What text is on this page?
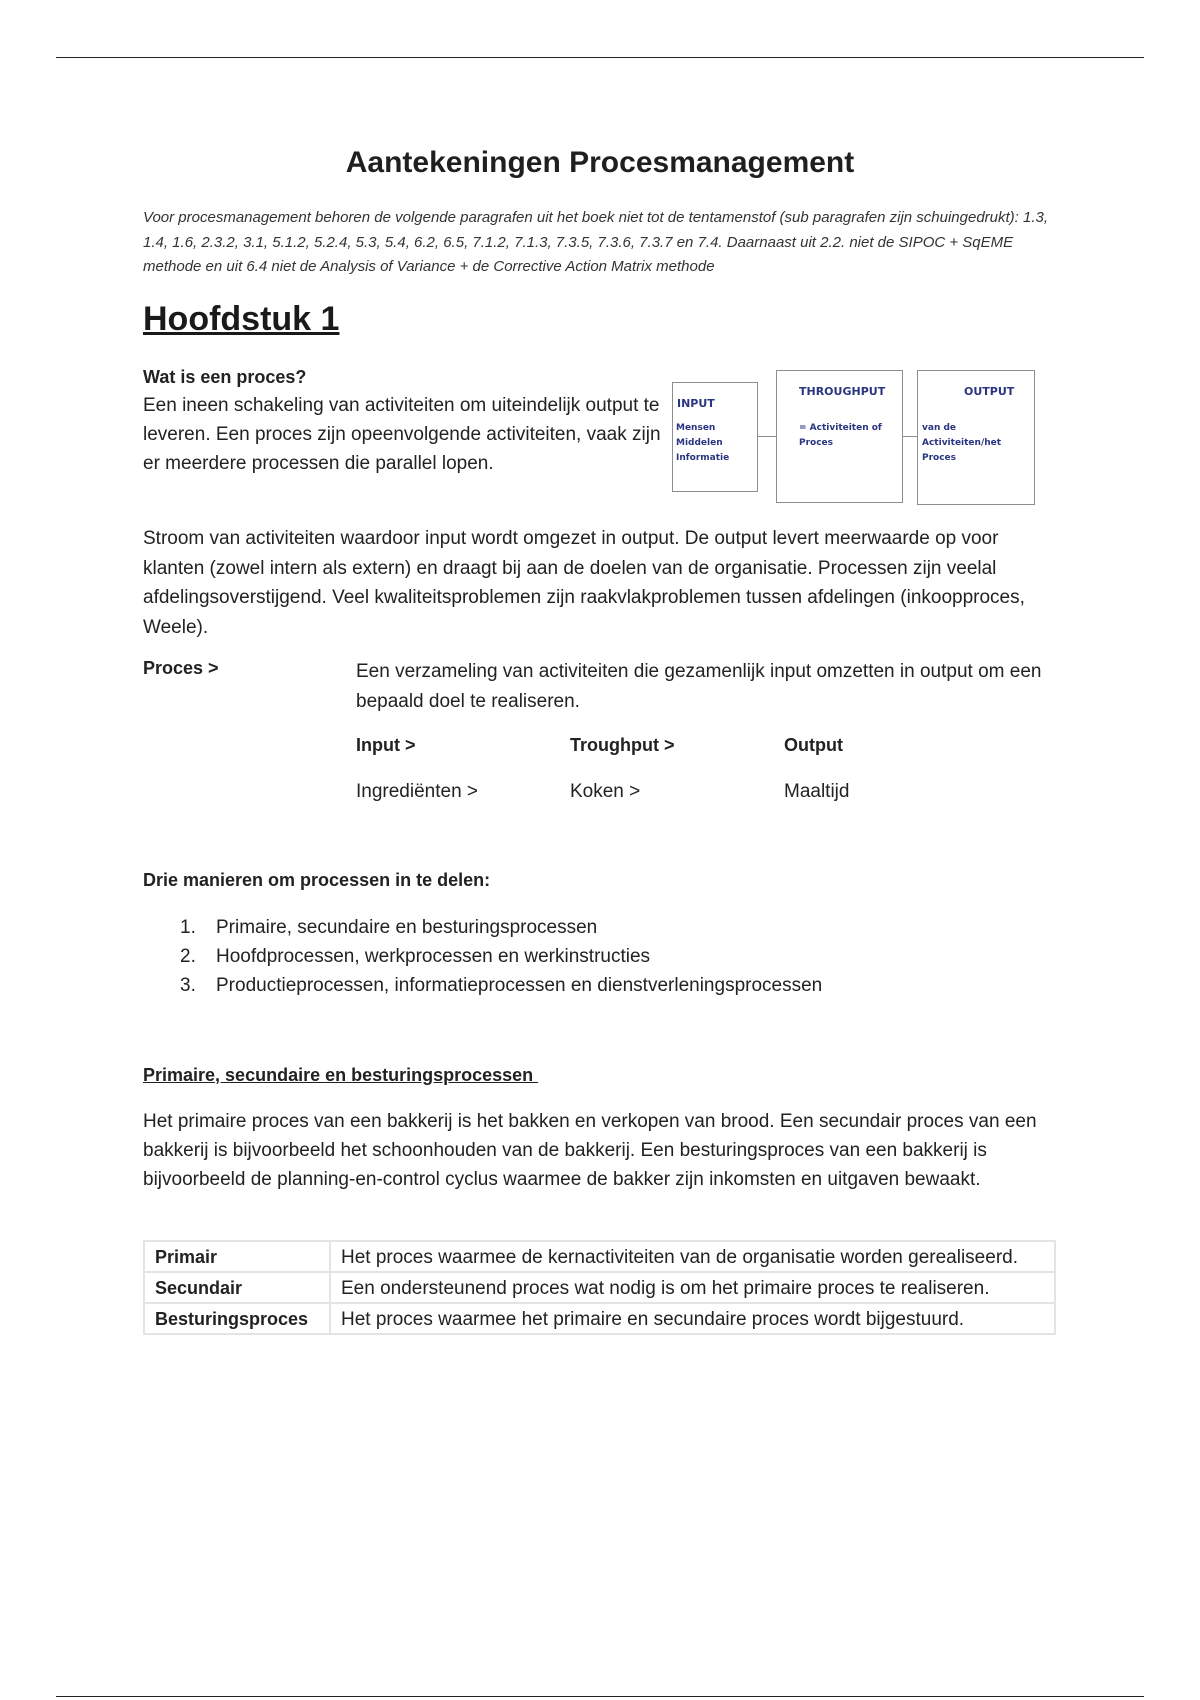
Aantekeningen Procesmanagement
Voor procesmanagement behoren de volgende paragrafen uit het boek niet tot de tentamenstof (sub paragrafen zijn schuingedrukt): 1.3, 1.4, 1.6, 2.3.2, 3.1, 5.1.2, 5.2.4, 5.3, 5.4, 6.2, 6.5, 7.1.2, 7.1.3, 7.3.5, 7.3.6, 7.3.7 en 7.4. Daarnaast uit 2.2. niet de SIPOC + SqEME methode en uit 6.4 niet de Analysis of Variance + de Corrective Action Matrix methode
Hoofdstuk 1
Wat is een proces?
Een ineen schakeling van activiteiten om uiteindelijk output te leveren. Een proces zijn opeenvolgende activiteiten, vaak zijn er meerdere processen die parallel lopen.
INPUT
Mensen
Middelen
Informatie
THROUGHPUT
= Activiteiten of
Proces
OUTPUT
van de
Activiteiten/het
Proces
Stroom van activiteiten waardoor input wordt omgezet in output. De output levert meerwaarde op voor klanten (zowel intern als extern) en draagt bij aan de doelen van de organisatie. Processen zijn veelal afdelingsoverstijgend. Veel kwaliteitsproblemen zijn raakvlakproblemen tussen afdelingen (inkoopproces, Weele).
Proces >	Een verzameling van activiteiten die gezamenlijk input omzetten in output om een bepaald doel te realiseren.
Input >	Troughput >	Output
Ingrediënten >	Koken >	Maaltijd
Drie manieren om processen in te delen:
1. Primaire, secundaire en besturingsprocessen
2. Hoofdprocessen, werkprocessen en werkinstructies
3. Productieprocessen, informatieprocessen en dienstverleningsprocessen
Primaire, secundaire en besturingsprocessen
Het primaire proces van een bakkerij is het bakken en verkopen van brood. Een secundair proces van een bakkerij is bijvoorbeeld het schoonhouden van de bakkerij. Een besturingsproces van een bakkerij is bijvoorbeeld de planning-en-control cyclus waarmee de bakker zijn inkomsten en uitgaven bewaakt.
Primair	Het proces waarmee de kernactiviteiten van de organisatie worden gerealiseerd.
Secundair	Een ondersteunend proces wat nodig is om het primaire proces te realiseren.
Besturingsproces	Het proces waarmee het primaire en secundaire proces wordt bijgestuurd.
